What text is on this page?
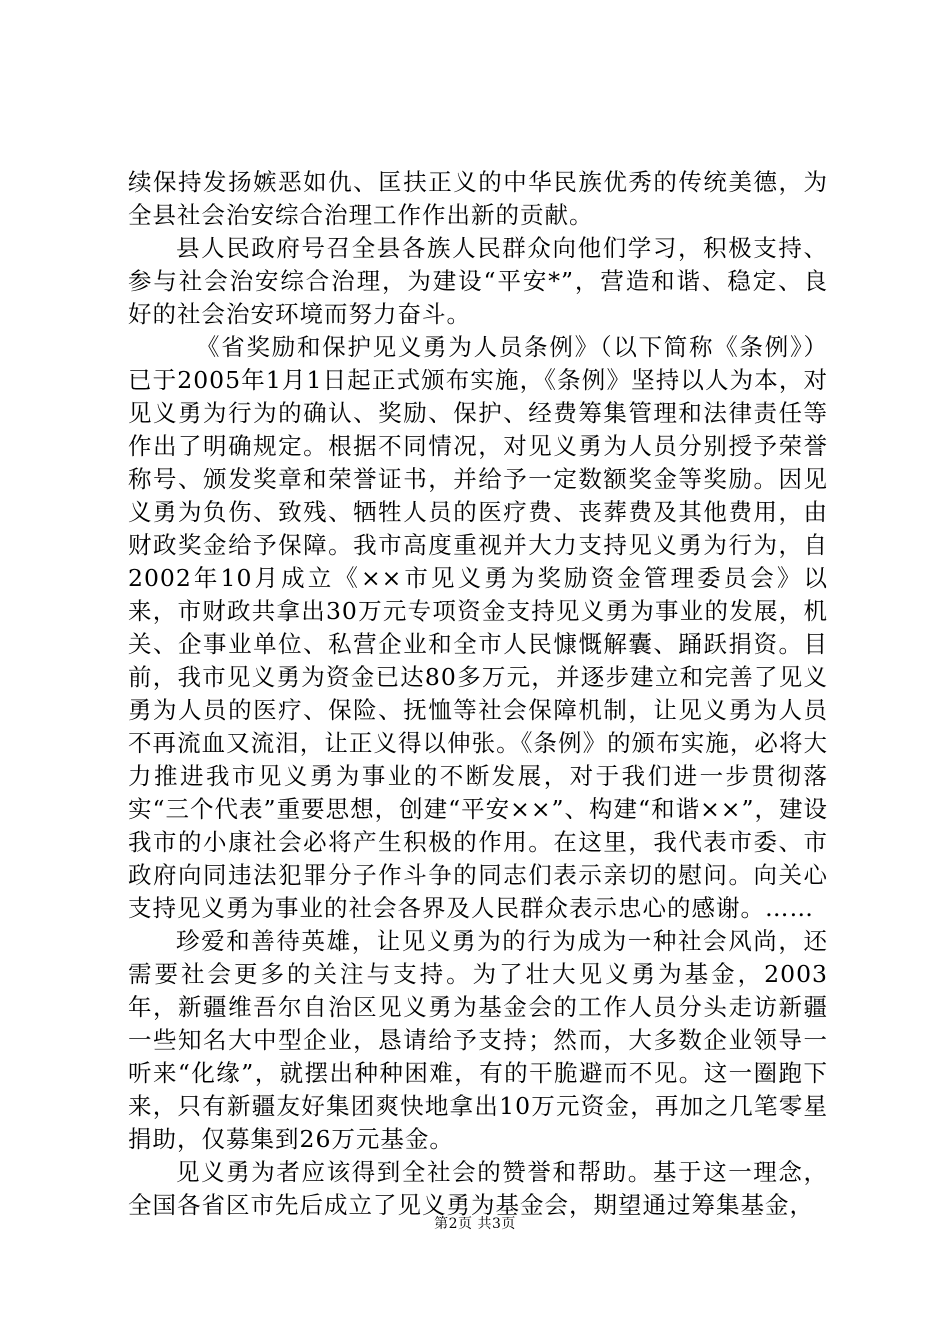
续保持发扬嫉恶如仇、匡扶正义的中华民族优秀的传统美德，为全县社会治安综合治理工作作出新的贡献。

县人民政府号召全县各族人民群众向他们学习，积极支持、参与社会治安综合治理，为建设“平安*”，营造和谐、稳定、良好的社会治安环境而努力奋斗。

《省奖励和保护见义勇为人员条例》（以下简称《条例》）已于2005年1月1日起正式颁布实施，《条例》坚持以人为本，对见义勇为行为的确认、奖励、保护、经费筹集管理和法律责任等作出了明确规定。根据不同情况，对见义勇为人员分别授予荣誉称号、颁发奖章和荣誉证书，并给予一定数额奖金等奖励。因见义勇为负伤、致残、牺牲人员的医疗费、丧葬费及其他费用，由财政奖金给予保障。我市高度重视并大力支持见义勇为行为，自2002年10月成立《××市见义勇为奖励资金管理委员会》以来，市财政共拿出30万元专项资金支持见义勇为事业的发展，机关、企事业单位、私营企业和全市人民慷慨解囊、踊跃捐资。目前，我市见义勇为资金已达80多万元，并逐步建立和完善了见义勇为人员的医疗、保险、抚恤等社会保障机制，让见义勇为人员不再流血又流泪，让正义得以伸张。《条例》的颁布实施，必将大力推进我市见义勇为事业的不断发展，对于我们进一步贯彻落实“三个代表”重要思想，创建“平安××”、构建“和谐××”，建设我市的小康社会必将产生积极的作用。在这里，我代表市委、市政府向同违法犯罪分子作斗争的同志们表示亲切的慰问。向关心支持见义勇为事业的社会各界及人民群众表示忠心的感谢。……

珍爱和善待英雄，让见义勇为的行为成为一种社会风尚，还需要社会更多的关注与支持。为了壮大见义勇为基金，2003年，新疆维吾尔自治区见义勇为基金会的工作人员分头走访新疆一些知名大中型企业，恳请给予支持；然而，大多数企业领导一听来“化缘”，就摆出种种困难，有的干脆避而不见。这一圈跑下来，只有新疆友好集团爽快地拿出10万元资金，再加之几笔零星捐助，仅募集到26万元基金。

见义勇为者应该得到全社会的赞誉和帮助。基于这一理念，全国各省区市先后成立了见义勇为基金会，期望通过筹集基金，

第2页 共3页
